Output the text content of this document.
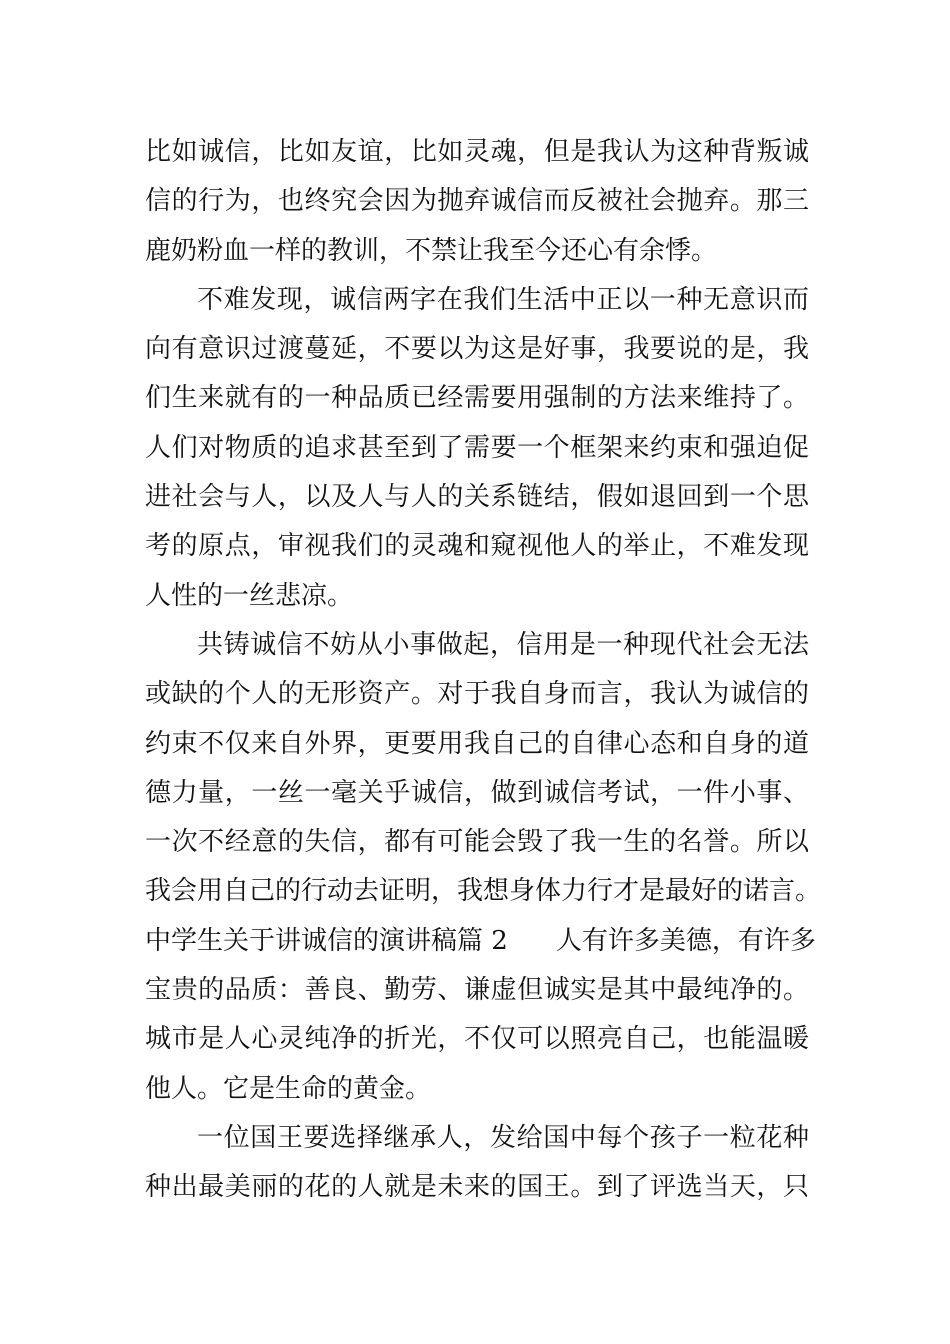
比如诚信，比如友谊，比如灵魂，但是我认为这种背叛诚
信的行为，也终究会因为抛弃诚信而反被社会抛弃。那三
鹿奶粉血一样的教训，不禁让我至今还心有余悸。
不难发现，诚信两字在我们生活中正以一种无意识而
向有意识过渡蔓延，不要以为这是好事，我要说的是，我
们生来就有的一种品质已经需要用强制的方法来维持了。
人们对物质的追求甚至到了需要一个框架来约束和强迫促
进社会与人，以及人与人的关系链结，假如退回到一个思
考的原点，审视我们的灵魂和窥视他人的举止，不难发现
人性的一丝悲凉。
共铸诚信不妨从小事做起，信用是一种现代社会无法
或缺的个人的无形资产。对于我自身而言，我认为诚信的
约束不仅来自外界，更要用我自己的自律心态和自身的道
德力量，一丝一毫关乎诚信，做到诚信考试，一件小事、
一次不经意的失信，都有可能会毁了我一生的名誉。所以
我会用自己的行动去证明，我想身体力行才是最好的诺言。
中学生关于讲诚信的演讲稿篇 2 人有许多美德，有许多
宝贵的品质：善良、勤劳、谦虚但诚实是其中最纯净的。
城市是人心灵纯净的折光，不仅可以照亮自己，也能温暖
他人。它是生命的黄金。
一位国王要选择继承人，发给国中每个孩子一粒花种
种出最美丽的花的人就是未来的国王。到了评选当天，只
